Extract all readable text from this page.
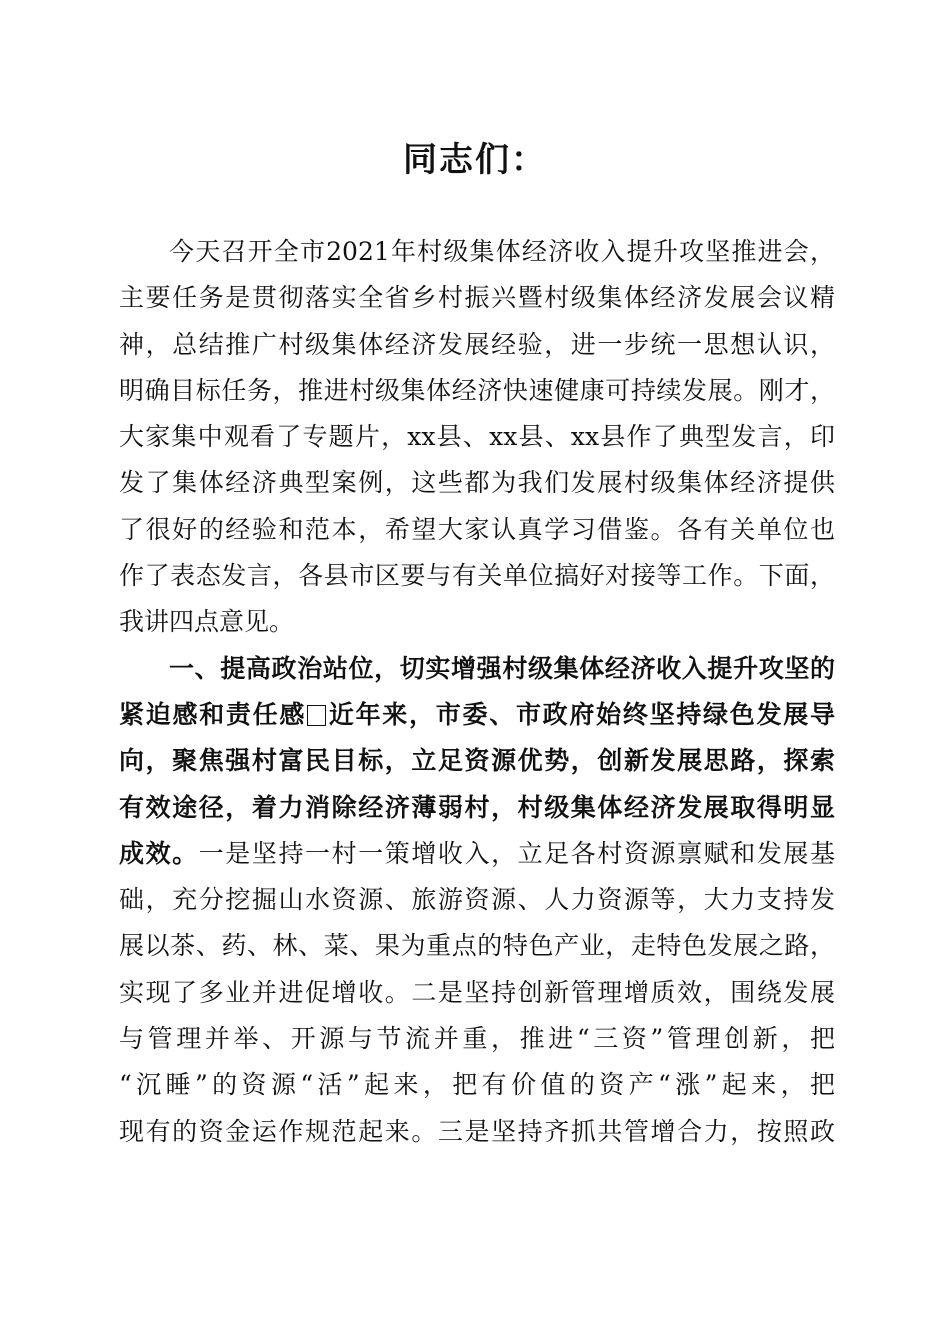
同志们：
今天召开全市2021年村级集体经济收入提升攻坚推进会，
主要任务是贯彻落实全省乡村振兴暨村级集体经济发展会议精
神，总结推广村级集体经济发展经验，进一步统一思想认识，
明确目标任务，推进村级集体经济快速健康可持续发展。刚才，
大家集中观看了专题片，xx县、xx县、xx县作了典型发言，印
发了集体经济典型案例，这些都为我们发展村级集体经济提供
了很好的经验和范本，希望大家认真学习借鉴。各有关单位也
作了表态发言，各县市区要与有关单位搞好对接等工作。下面，
我讲四点意见。
一、提高政治站位，切实增强村级集体经济收入提升攻坚的
紧迫感和责任感 近年来，市委、市政府始终坚持绿色发展导
向，聚焦强村富民目标，立足资源优势，创新发展思路，探索
有效途径，着力消除经济薄弱村，村级集体经济发展取得明显
成效。一是坚持一村一策增收入，立足各村资源禀赋和发展基
础，充分挖掘山水资源、旅游资源、人力资源等，大力支持发
展以茶、药、林、菜、果为重点的特色产业，走特色发展之路，
实现了多业并进促增收。二是坚持创新管理增质效，围绕发展
与管理并举、开源与节流并重，推进“三资”管理创新，把
“沉睡”的资源“活”起来，把有价值的资产“涨”起来，把
现有的资金运作规范起来。三是坚持齐抓共管增合力，按照政
